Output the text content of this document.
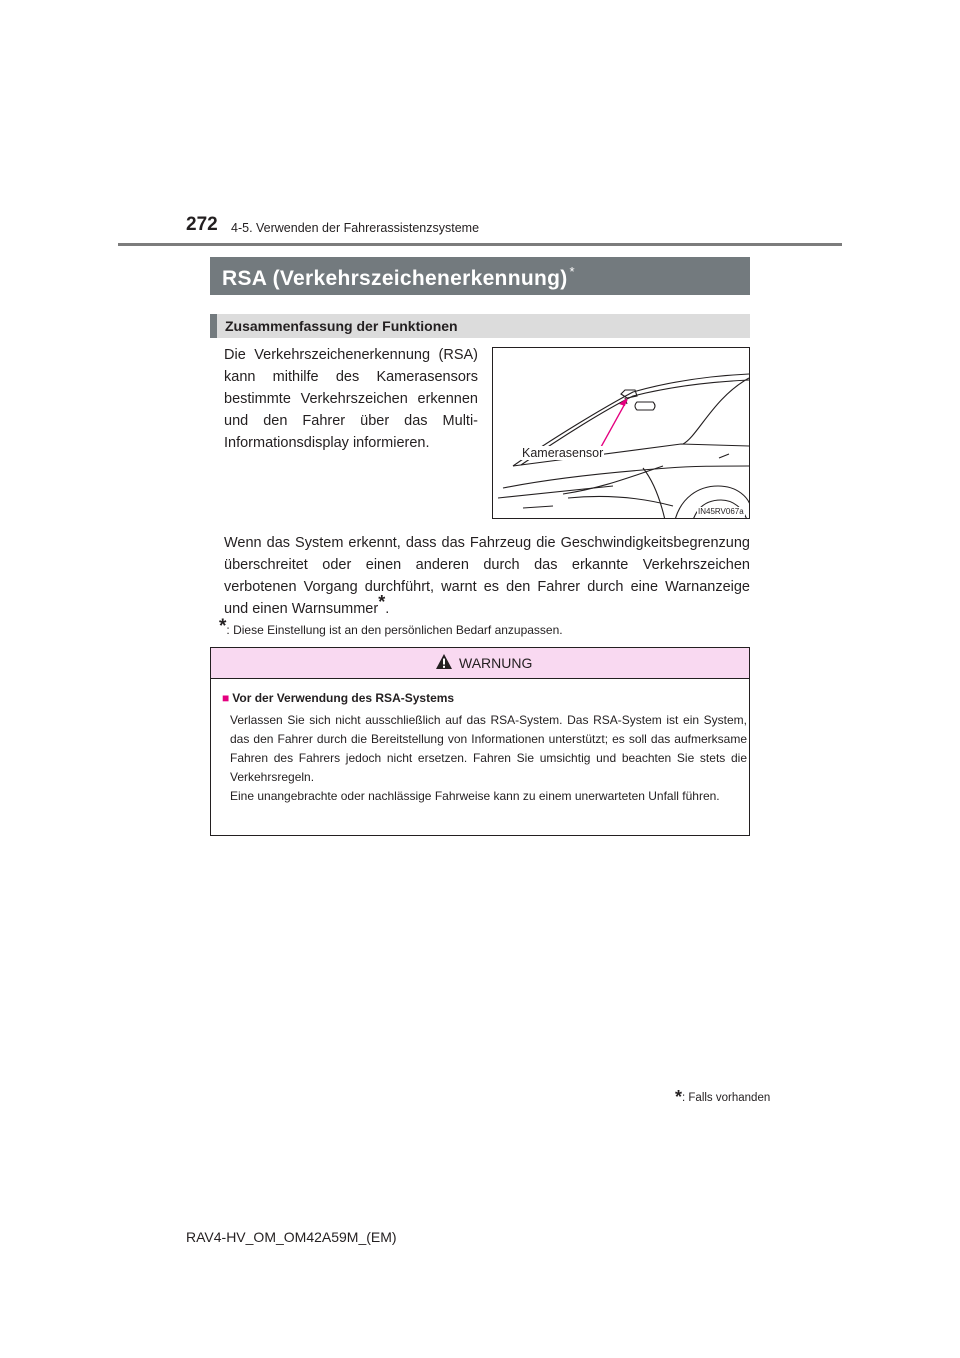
272 4-5. Verwenden der Fahrerassistenzsysteme
RSA (Verkehrszeichenerkennung) *
Zusammenfassung der Funktionen
Die Verkehrszeichenerkennung (RSA) kann mithilfe des Kamerasensors bestimmte Verkehrszeichen erkennen und den Fahrer über das Multi-Informationsdisplay informieren.
Kamerasensor
IN45RV067a
Wenn das System erkennt, dass das Fahrzeug die Geschwindigkeitsbegrenzung überschreitet oder einen anderen durch das erkannte Verkehrszeichen verbotenen Vorgang durchführt, warnt es den Fahrer durch eine Warnanzeige und einen Warnsummer*.
*: Diese Einstellung ist an den persönlichen Bedarf anzupassen.
WARNUNG
■ Vor der Verwendung des RSA-Systems
Verlassen Sie sich nicht ausschließlich auf das RSA-System. Das RSA-System ist ein System, das den Fahrer durch die Bereitstellung von Informationen unterstützt; es soll das aufmerksame Fahren des Fahrers jedoch nicht ersetzen. Fahren Sie umsichtig und beachten Sie stets die Verkehrsregeln.
Eine unangebrachte oder nachlässige Fahrweise kann zu einem unerwarteten Unfall führen.
*: Falls vorhanden
RAV4-HV_OM_OM42A59M_(EM)
